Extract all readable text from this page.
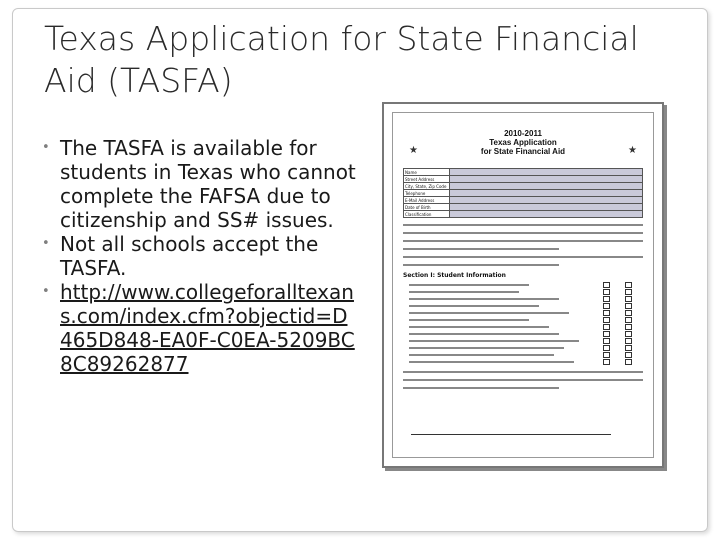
Texas Application for State Financial Aid (TASFA)
• The TASFA is available for students in Texas who cannot complete the FAFSA due to citizenship and SS# issues.
• Not all schools accept the TASFA.
• http://www.collegeforalltexans.com/index.cfm?objectid=D465D848-EA0F-C0EA-5209BC8C89262877
★	★
2010-2011
Texas Application
for State Financial Aid

Name	
Street Address	
City, State, Zip Code	
Telephone	
E-Mail Address	
Date of Birth	
Classification	
Section I: Student Information
